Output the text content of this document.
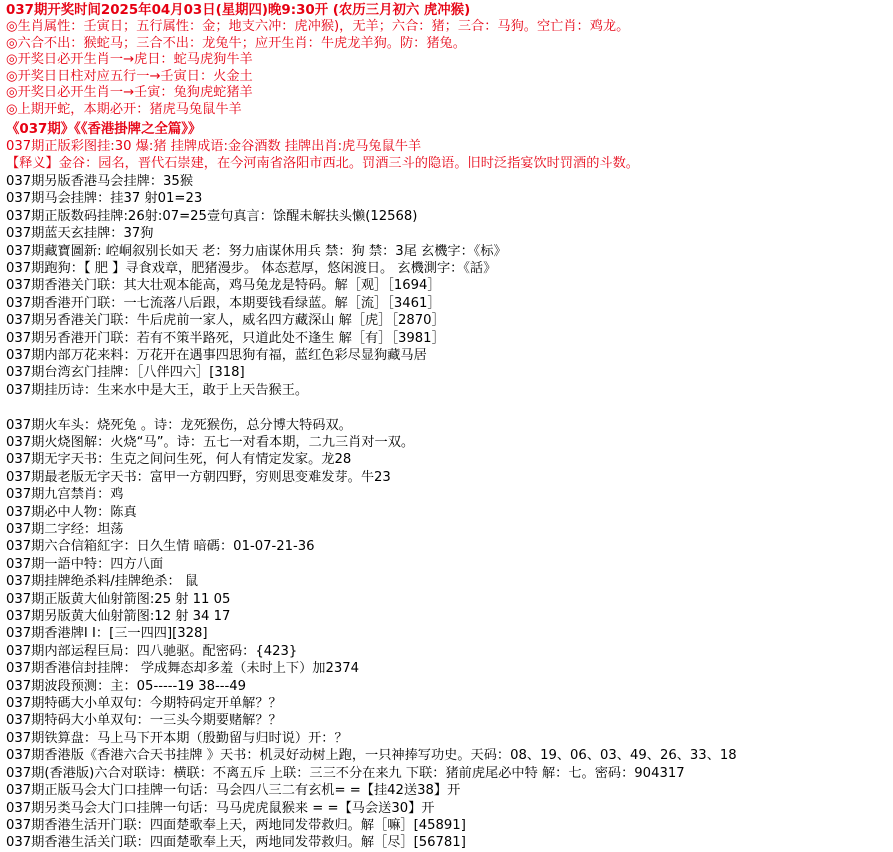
037期开奖时间2025年04月03日(星期四)晚9:30开 (农历三月初六 虎冲猴)
◎生肖属性：壬寅日；五行属性：金；地支六冲：虎冲猴)，无羊；六合：猪；三合：马狗。空亡肖：鸡龙。
◎六合不出：猴蛇马；三合不出：龙兔牛；应开生肖：牛虎龙羊狗。防：猪兔。
◎开奖日必开生肖一→虎日：蛇马虎狗牛羊
◎开奖日日柱对应五行一→壬寅日：火金土
◎开奖日必开生肖一→壬寅：兔狗虎蛇猪羊
◎上期开蛇，本期必开：猪虎马兔鼠牛羊
《037期》《《香港掛牌之全篇》》
037期正版彩图挂:30 爆:猪 挂牌成语:金谷酒数 挂牌出肖:虎马兔鼠牛羊
【释义】金谷：园名，晋代石崇建，在今河南省洛阳市西北。罚酒三斗的隐语。旧时泛指宴饮时罚酒的斗数。
037期另版香港马会挂牌：35猴
037期马会挂牌：挂37 射01=23
037期正版数码挂牌:26射:07=25壹句真言：馀醒未解扶头懒(12568)
037期蓝天玄挂牌：37狗
037期藏寶圖新: 崆峒叙别长如天 老：努力庙谋休用兵 禁：狗 禁：3尾 玄機字：《标》
037期跑狗：【 肥 】寻食戏章，肥猪漫步。 体态惹厚，悠闲渡日。 玄機測字：《話》
037期香港关门联：其大壮观本能高，鸡马兔龙是特码。解［观］［1694］
037期香港开门联：一七流落八后跟，本期要钱看绿蓝。解［流］［3461］
037期另香港关门联：牛后虎前一家人，威名四方藏深山 解［虎］［2870］
037期另香港开门联：若有不策半路死，只道此处不逢生 解［有］［3981］
037期内部万花来料：万花开在遇事四思狗有福，蓝红色彩尽显狗藏马居
037期台湾玄门挂牌：［八伴四六］[318]
037期挂历诗：生来水中是大王，敢于上天告猴王。

037期火车头：烧死兔 。诗：龙死猴伤，总分博大特码双。
037期火烧图解：火烧“马”。诗：五七一对看本期，二九三肖对一双。
037期无字天书：生克之间问生死，何人有情定发家。龙28
037期最老版无字天书：富甲一方朝四野，穷则思变难发芽。牛23
037期九宫禁肖：鸡
037期必中人物：陈真
037期二字经：坦荡
037期六合信箱紅字：日久生情 暗碼：01-07-21-36
037期一語中特：四方八面
037期挂牌绝杀料/挂牌绝杀： 鼠
037期正版黄大仙射箭图:25 射 11 05
037期另版黄大仙射箭图:12 射 34 17
037期香港牌Ⅰ I：[三一四四][328]
037期内部运程巨局：四八驰驱。配密码：{423}
037期香港信封挂牌： 学成舞态却多羞（未时上下）加2374
037期波段预测：主：05-----19 38---49
037期特碼大小单双句：今期特码定开单解？？
037期特码大小单双句：一三头今期要赌解？？
037期铁算盘：马上马下开本期（殷勤留与归时说）开：？
037期香港版《香港六合天书挂牌 》天书：机灵好动树上跑，一只神捧写功史。天码：08、19、06、03、49、26、33、18
037期(香港版)六合对联诗：横联：不离五斥 上联：三三不分在来九 下联：猪前虎尾必中特 解：七。密码：904317
037期正版马会大门口挂牌一句话：马会四八三二有玄机= =【挂42送38】开
037期另类马会大门口挂牌一句话：马马虎虎鼠猴来 = =【马会送30】开
037期香港生活开门联：四面楚歌奉上天，两地同发带救归。解［嘛］[45891]
037期香港生活关门联：四面楚歌奉上天，两地同发带救归。解［尽］[56781]
